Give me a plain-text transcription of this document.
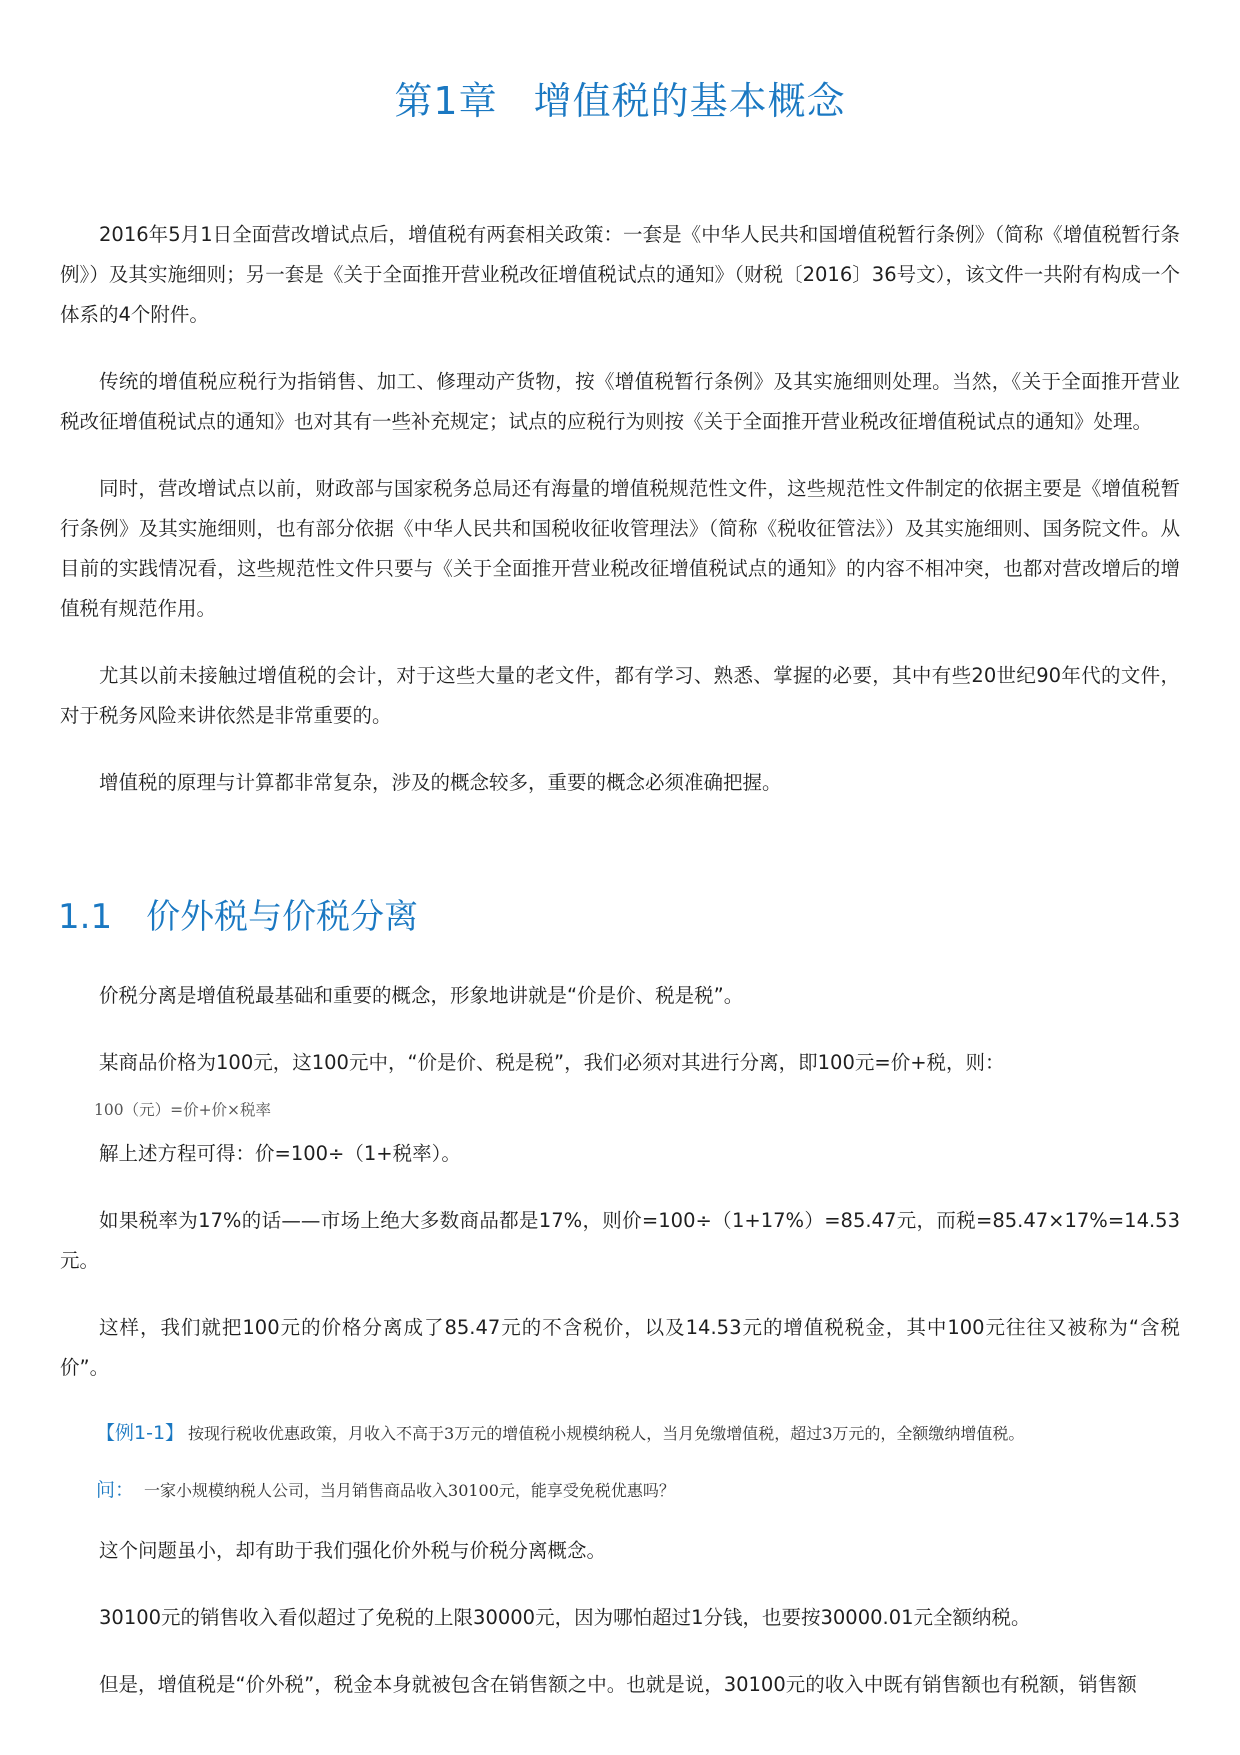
第1章 增值税的基本概念

2016年5月1日全面营改增试点后，增值税有两套相关政策：一套是《中华人民共和国增值税暂行条例》（简称《增值税暂行条例》）及其实施细则；另一套是《关于全面推开营业税改征增值税试点的通知》（财税〔2016〕36号文），该文件一共附有构成一个体系的4个附件。

传统的增值税应税行为指销售、加工、修理动产货物，按《增值税暂行条例》及其实施细则处理。当然，《关于全面推开营业税改征增值税试点的通知》也对其有一些补充规定；试点的应税行为则按《关于全面推开营业税改征增值税试点的通知》处理。

同时，营改增试点以前，财政部与国家税务总局还有海量的增值税规范性文件，这些规范性文件制定的依据主要是《增值税暂行条例》及其实施细则，也有部分依据《中华人民共和国税收征收管理法》（简称《税收征管法》）及其实施细则、国务院文件。从目前的实践情况看，这些规范性文件只要与《关于全面推开营业税改征增值税试点的通知》的内容不相冲突，也都对营改增后的增值税有规范作用。

尤其以前未接触过增值税的会计，对于这些大量的老文件，都有学习、熟悉、掌握的必要，其中有些20世纪90年代的文件，对于税务风险来讲依然是非常重要的。

增值税的原理与计算都非常复杂，涉及的概念较多，重要的概念必须准确把握。

1.1 价外税与价税分离

价税分离是增值税最基础和重要的概念，形象地讲就是“价是价、税是税”。

某商品价格为100元，这100元中，“价是价、税是税”，我们必须对其进行分离，即100元=价+税，则：

100（元）=价+价×税率

解上述方程可得：价=100÷（1+税率）。

如果税率为17%的话——市场上绝大多数商品都是17%，则价=100÷（1+17%）=85.47元，而税=85.47×17%=14.53元。

这样，我们就把100元的价格分离成了85.47元的不含税价，以及14.53元的增值税税金，其中100元往往又被称为“含税价”。

【例1-1】 按现行税收优惠政策，月收入不高于3万元的增值税小规模纳税人，当月免缴增值税，超过3万元的，全额缴纳增值税。

问： 一家小规模纳税人公司，当月销售商品收入30100元，能享受免税优惠吗？

这个问题虽小，却有助于我们强化价外税与价税分离概念。

30100元的销售收入看似超过了免税的上限30000元，因为哪怕超过1分钱，也要按30000.01元全额纳税。

但是，增值税是“价外税”，税金本身就被包含在销售额之中。也就是说，30100元的收入中既有销售额也有税额，销售额
